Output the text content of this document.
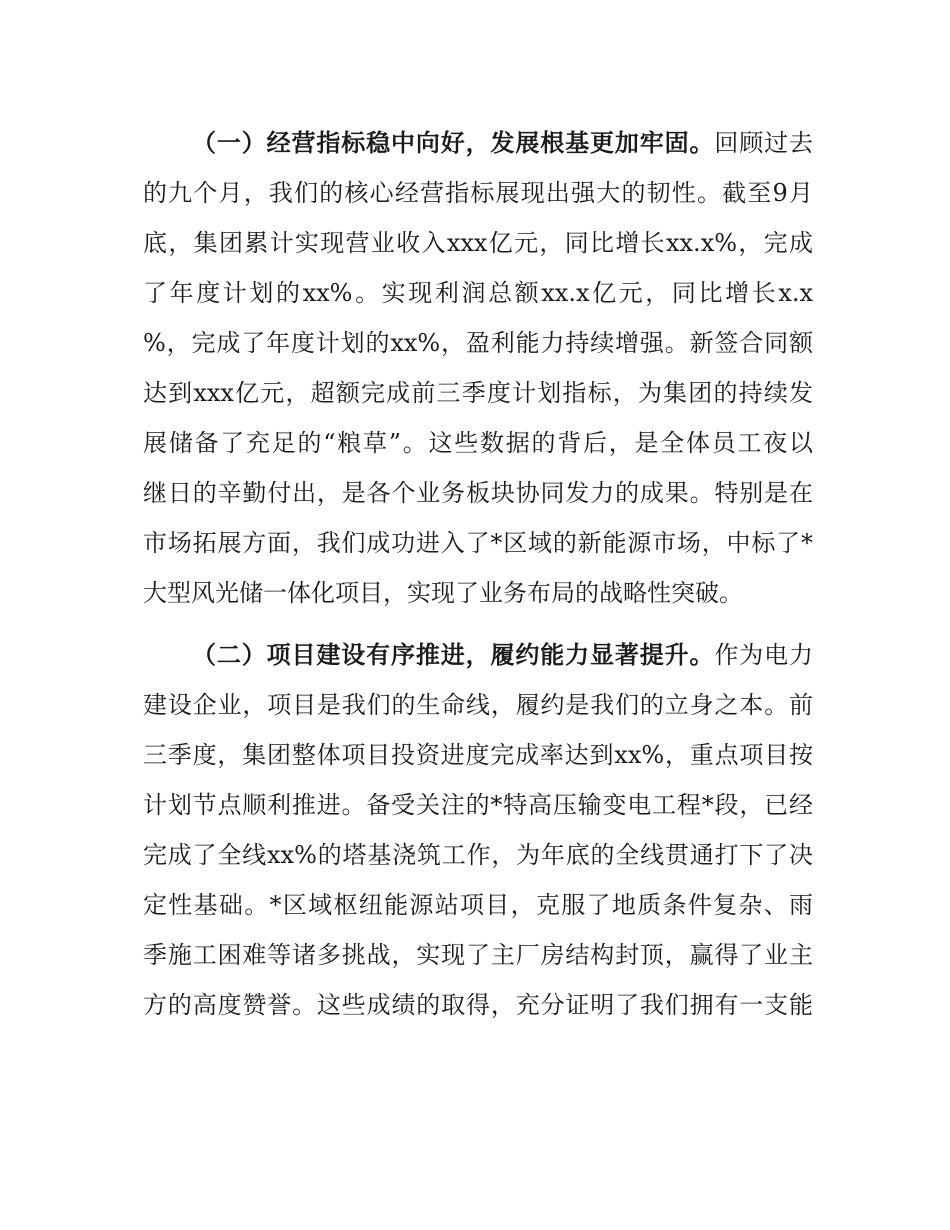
（一）经营指标稳中向好，发展根基更加牢固。回顾过去
的九个月，我们的核心经营指标展现出强大的韧性。截至9月
底，集团累计实现营业收入xxx亿元，同比增长xx.x%，完成
了年度计划的xx%。实现利润总额xx.x亿元，同比增长x.x
%，完成了年度计划的xx%，盈利能力持续增强。新签合同额
达到xxx亿元，超额完成前三季度计划指标，为集团的持续发
展储备了充足的“粮草”。这些数据的背后，是全体员工夜以
继日的辛勤付出，是各个业务板块协同发力的成果。特别是在
市场拓展方面，我们成功进入了*区域的新能源市场，中标了*
大型风光储一体化项目，实现了业务布局的战略性突破。
（二）项目建设有序推进，履约能力显著提升。作为电力
建设企业，项目是我们的生命线，履约是我们的立身之本。前
三季度，集团整体项目投资进度完成率达到xx%，重点项目按
计划节点顺利推进。备受关注的*特高压输变电工程*段，已经
完成了全线xx%的塔基浇筑工作，为年底的全线贯通打下了决
定性基础。*区域枢纽能源站项目，克服了地质条件复杂、雨
季施工困难等诸多挑战，实现了主厂房结构封顶，赢得了业主
方的高度赞誉。这些成绩的取得，充分证明了我们拥有一支能
